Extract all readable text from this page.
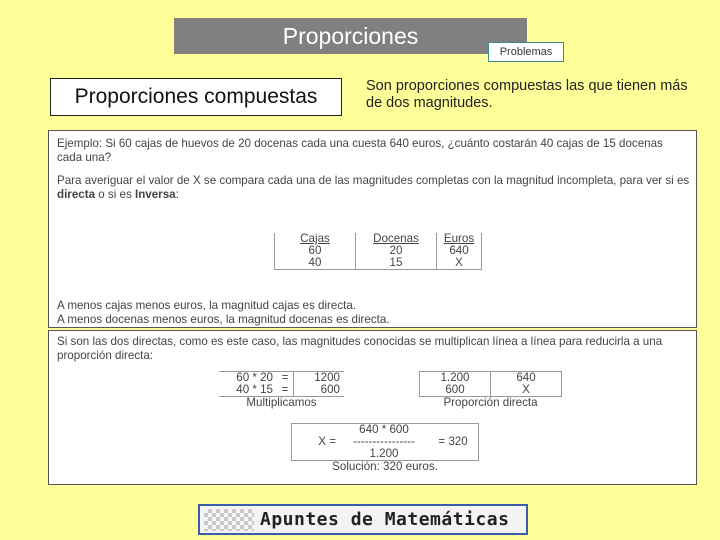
Proporciones
Problemas
Proporciones compuestas	Son proporciones compuestas las que tienen más de dos magnitudes.
Ejemplo: Si 60 cajas de huevos de 20 docenas cada una cuesta 640 euros, ¿cuánto costarán 40 cajas de 15 docenas cada una?
Para averiguar el valor de X se compara cada una de las magnitudes completas con la magnitud incompleta, para ver si es directa o si es Inversa:
Cajas	Docenas	Euros
60	20	640
40	15	X
A menos cajas menos euros, la magnitud cajas es directa.
A menos docenas menos euros, la magnitud docenas es directa.
Si son las dos directas, como es este caso, las magnitudes conocidas se multiplican línea a línea para reducirla a una proporción directa:
60 * 20	=	1200
40 * 15	=	600
Multiplicamos		
1.200	640
600	X
Proporción directa	
	640 * 600	
X =	----------------	= 320
	1.200	
Solución: 320 euros.		
Apuntes de Matemáticas
